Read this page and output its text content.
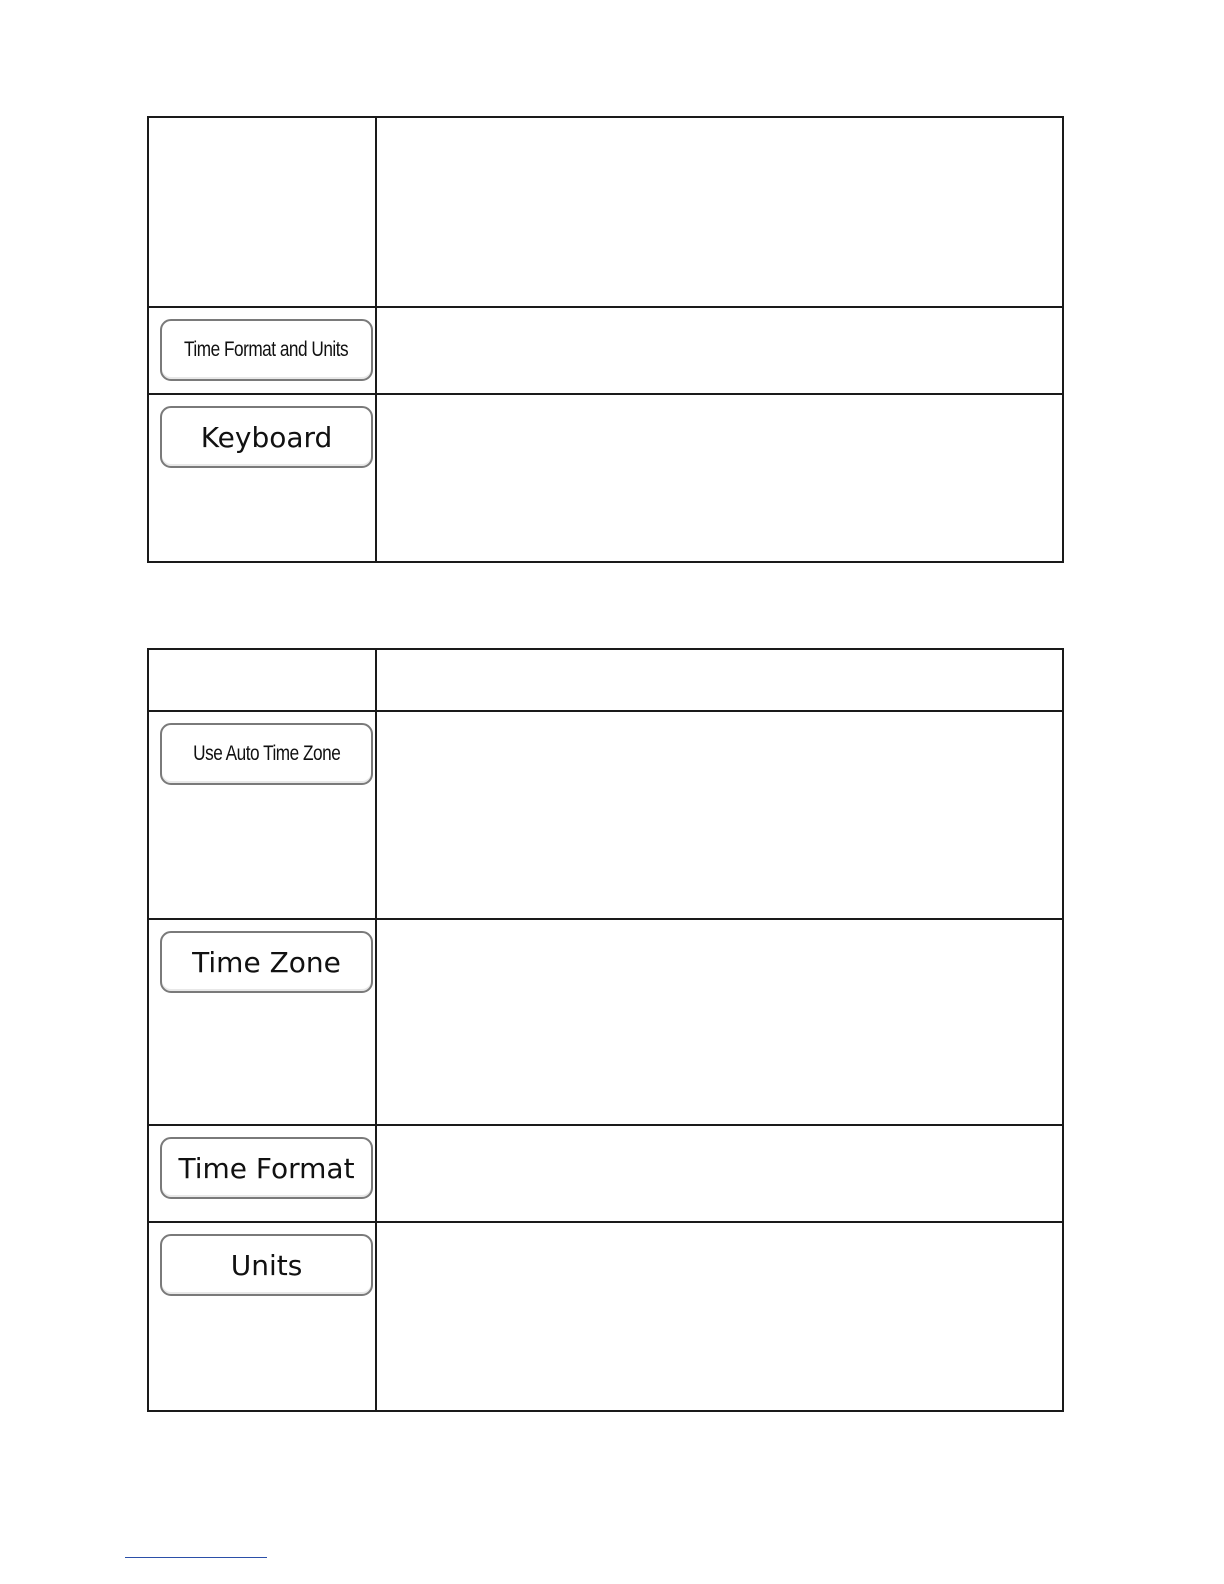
Time Format and Units
Keyboard
Use Auto Time Zone
Time Zone
Time Format
Units
